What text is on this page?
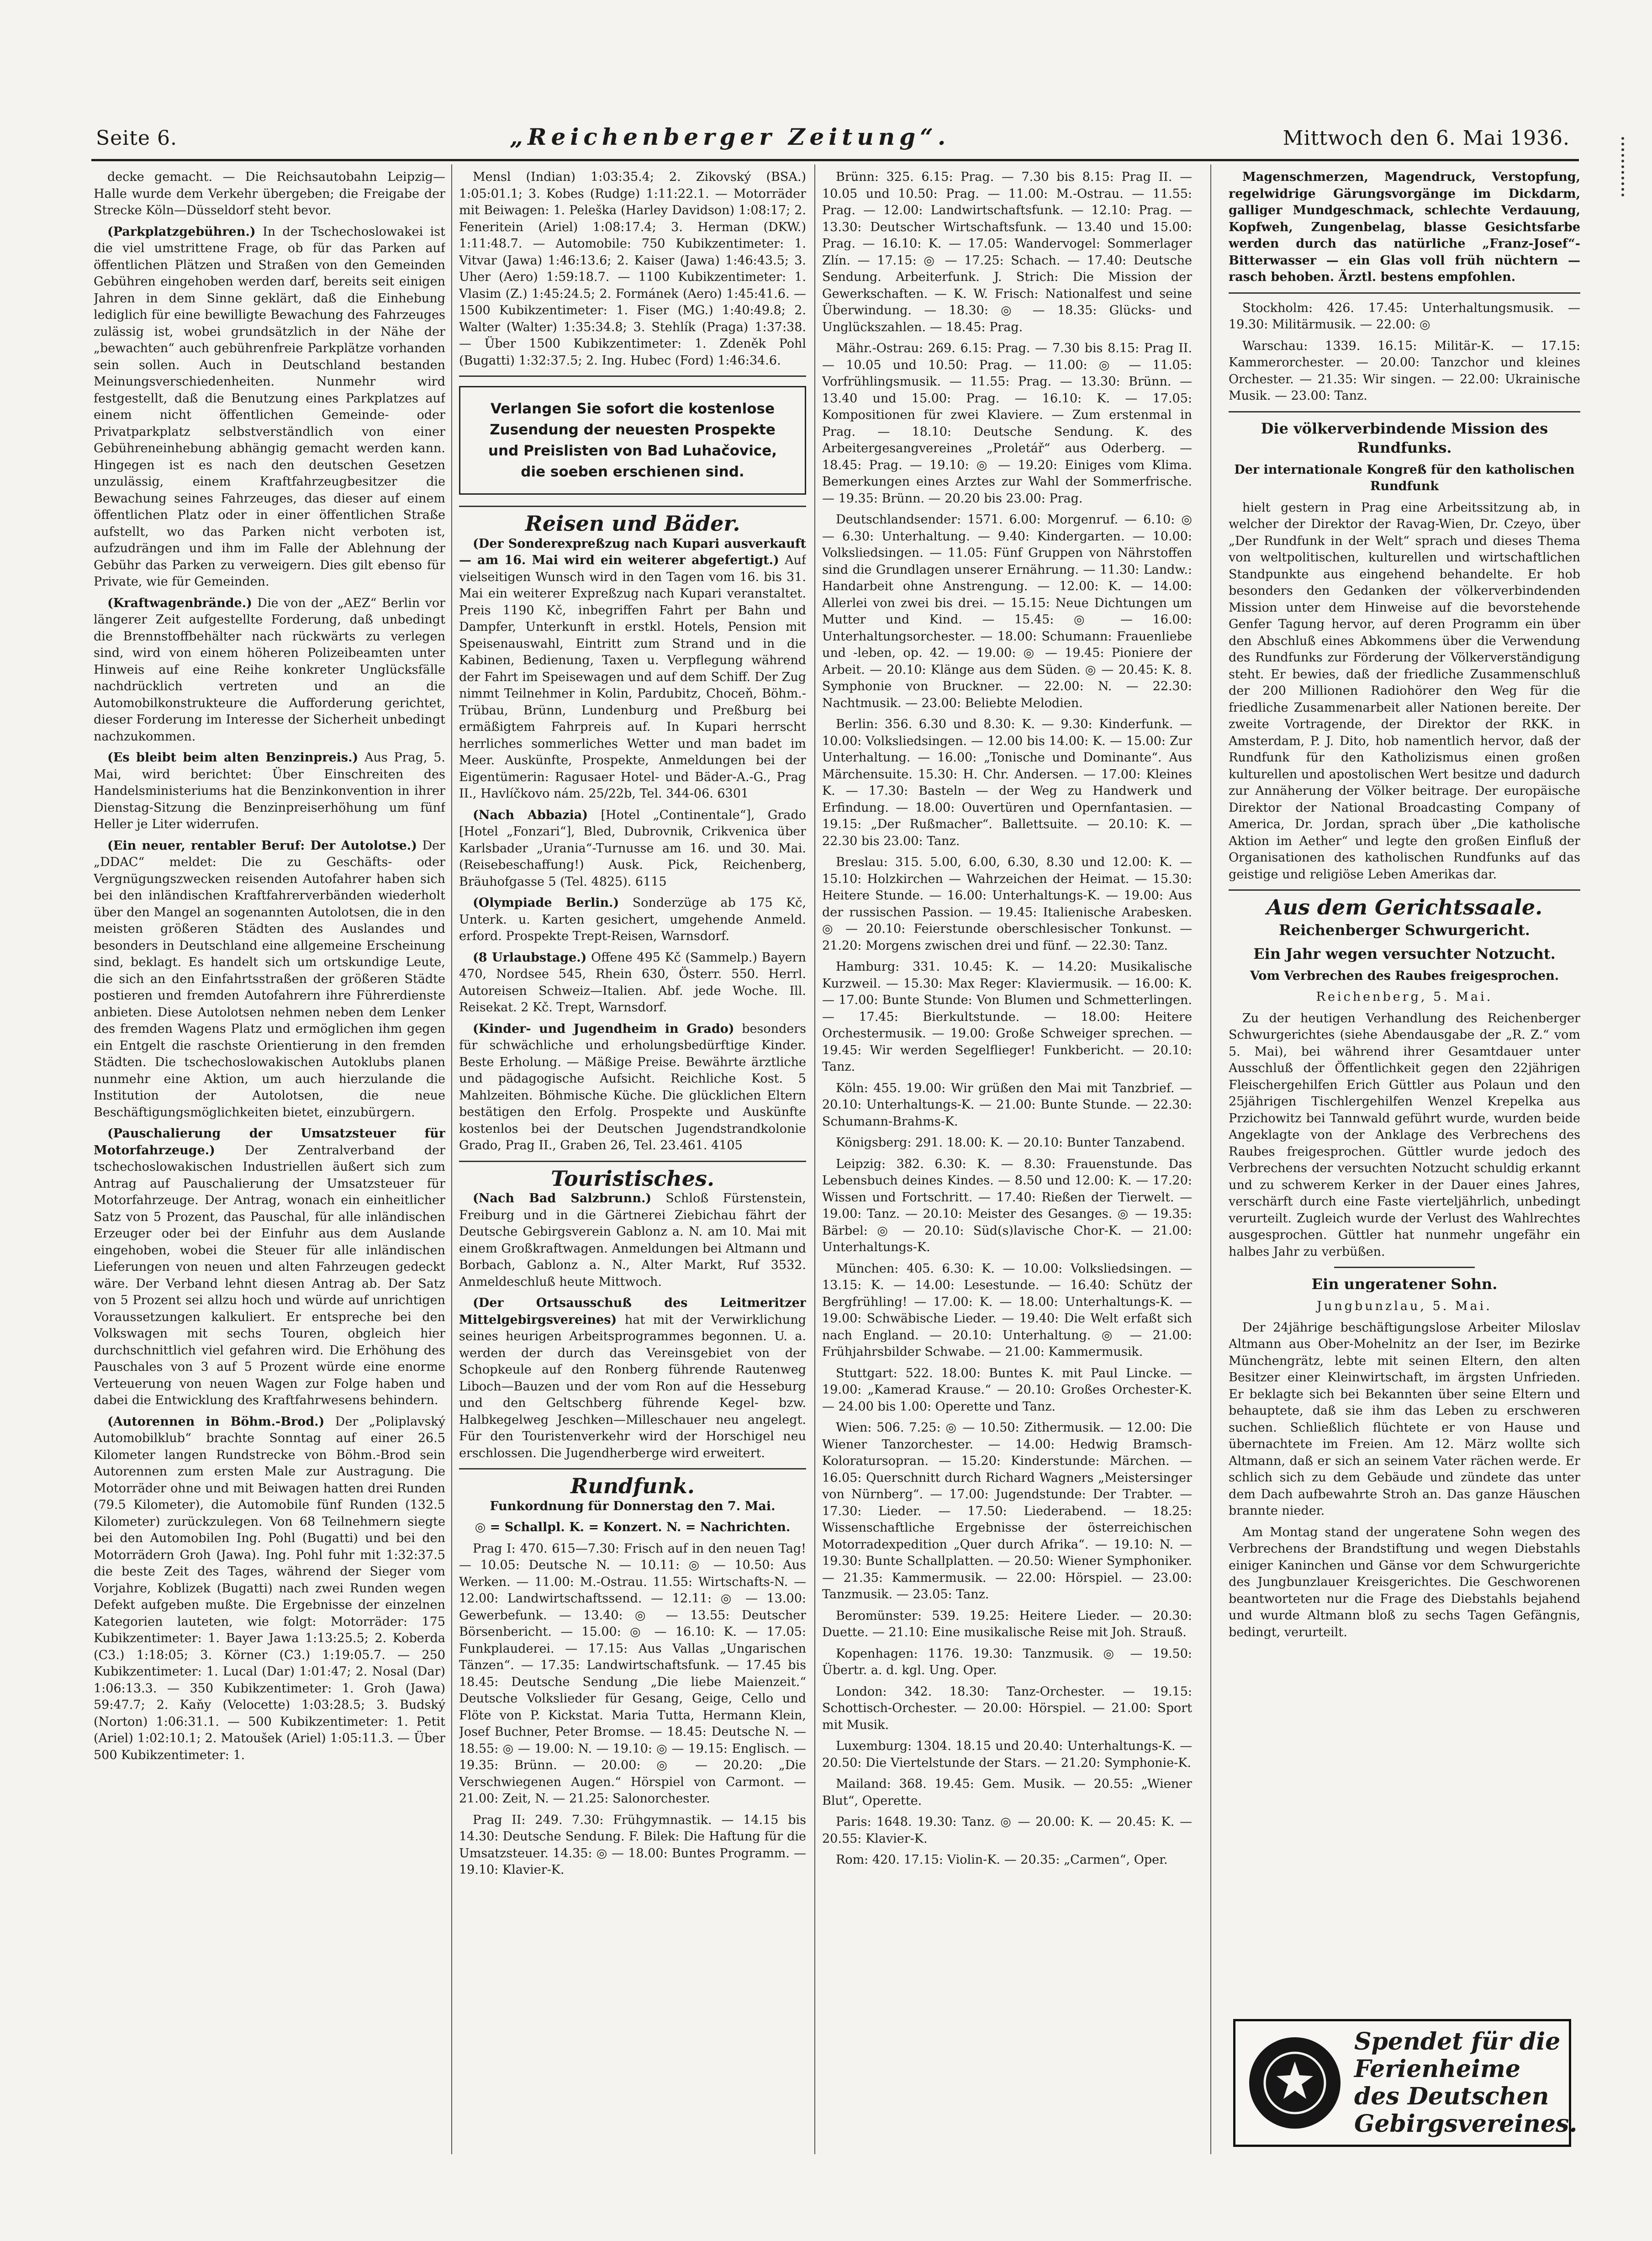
Seite 6.	„Reichenberger Zeitung“.	Mittwoch den 6. Mai 1936.

decke gemacht. — Die Reichsautobahn Leipzig—Halle wurde dem Verkehr übergeben; die Freigabe der Strecke Köln—Düsseldorf steht bevor.

(Parkplatzgebühren.) In der Tschechoslowakei ist die viel umstrittene Frage, ob für das Parken auf öffentlichen Plätzen und Straßen von den Gemeinden Gebühren eingehoben werden darf, bereits seit einigen Jahren in dem Sinne geklärt, daß die Einhebung lediglich für eine bewilligte Bewachung des Fahrzeuges zulässig ist, wobei grundsätzlich in der Nähe der „bewachten“ auch gebührenfreie Parkplätze vorhanden sein sollen. Auch in Deutschland bestanden Meinungsverschiedenheiten. Nunmehr wird festgestellt, daß die Benutzung eines Parkplatzes auf einem nicht öffentlichen Gemeinde- oder Privatparkplatz selbstverständlich von einer Gebühreneinhebung abhängig gemacht werden kann. Hingegen ist es nach den deutschen Gesetzen unzulässig, einem Kraftfahrzeugbesitzer die Bewachung seines Fahrzeuges, das dieser auf einem öffentlichen Platz oder in einer öffentlichen Straße aufstellt, wo das Parken nicht verboten ist, aufzudrängen und ihm im Falle der Ablehnung der Gebühr das Parken zu verweigern. Dies gilt ebenso für Private, wie für Gemeinden.

(Kraftwagenbrände.) Die von der „AEZ“ Berlin vor längerer Zeit aufgestellte Forderung, daß unbedingt die Brennstoffbehälter nach rückwärts zu verlegen sind, wird von einem höheren Polizeibeamten unter Hinweis auf eine Reihe konkreter Unglücksfälle nachdrücklich vertreten und an die Automobilkonstrukteure die Aufforderung gerichtet, dieser Forderung im Interesse der Sicherheit unbedingt nachzukommen.

(Es bleibt beim alten Benzinpreis.) Aus Prag, 5. Mai, wird berichtet: Über Einschreiten des Handelsministeriums hat die Benzinkonvention in ihrer Dienstag-Sitzung die Benzinpreiserhöhung um fünf Heller je Liter widerrufen.

(Ein neuer, rentabler Beruf: Der Autolotse.) Der „DDAC“ meldet: Die zu Geschäfts- oder Vergnügungszwecken reisenden Autofahrer haben sich bei den inländischen Kraftfahrerverbänden wiederholt über den Mangel an sogenannten Autolotsen, die in den meisten größeren Städten des Auslandes und besonders in Deutschland eine allgemeine Erscheinung sind, beklagt. Es handelt sich um ortskundige Leute, die sich an den Einfahrtsstraßen der größeren Städte postieren und fremden Autofahrern ihre Führerdienste anbieten. Diese Autolotsen nehmen neben dem Lenker des fremden Wagens Platz und ermöglichen ihm gegen ein Entgelt die raschste Orientierung in den fremden Städten. Die tschechoslowakischen Autoklubs planen nunmehr eine Aktion, um auch hierzulande die Institution der Autolotsen, die neue Beschäftigungsmöglichkeiten bietet, einzubürgern.

(Pauschalierung der Umsatzsteuer für Motorfahrzeuge.) Der Zentralverband der tschechoslowakischen Industriellen äußert sich zum Antrag auf Pauschalierung der Umsatzsteuer für Motorfahrzeuge. Der Antrag, wonach ein einheitlicher Satz von 5 Prozent, das Pauschal, für alle inländischen Erzeuger oder bei der Einfuhr aus dem Auslande eingehoben, wobei die Steuer für alle inländischen Lieferungen von neuen und alten Fahrzeugen gedeckt wäre. Der Verband lehnt diesen Antrag ab. Der Satz von 5 Prozent sei allzu hoch und würde auf unrichtigen Voraussetzungen kalkuliert. Er entspreche bei den Volkswagen mit sechs Touren, obgleich hier durchschnittlich viel gefahren wird. Die Erhöhung des Pauschales von 3 auf 5 Prozent würde eine enorme Verteuerung von neuen Wagen zur Folge haben und dabei die Entwicklung des Kraftfahrwesens behindern.

(Autorennen in Böhm.-Brod.) Der „Poliplavský Automobilklub“ brachte Sonntag auf einer 26.5 Kilometer langen Rundstrecke von Böhm.-Brod sein Autorennen zum ersten Male zur Austragung. Die Motorräder ohne und mit Beiwagen hatten drei Runden (79.5 Kilometer), die Automobile fünf Runden (132.5 Kilometer) zurückzulegen. Von 68 Teilnehmern siegte bei den Automobilen Ing. Pohl (Bugatti) und bei den Motorrädern Groh (Jawa). Ing. Pohl fuhr mit 1:32:37.5 die beste Zeit des Tages, während der Sieger vom Vorjahre, Koblizek (Bugatti) nach zwei Runden wegen Defekt aufgeben mußte. Die Ergebnisse der einzelnen Kategorien lauteten, wie folgt: Motorräder: 175 Kubikzentimeter: 1. Bayer Jawa 1:13:25.5; 2. Koberda (C3.) 1:18:05; 3. Körner (C3.) 1:19:05.7. — 250 Kubikzentimeter: 1. Lucal (Dar) 1:01:47; 2. Nosal (Dar) 1:06:13.3. — 350 Kubikzentimeter: 1. Groh (Jawa) 59:47.7; 2. Kaňy (Velocette) 1:03:28.5; 3. Budský (Norton) 1:06:31.1. — 500 Kubikzentimeter: 1. Petit (Ariel) 1:02:10.1; 2. Matoušek (Ariel) 1:05:11.3. — Über 500 Kubikzentimeter: 1.

Mensl (Indian) 1:03:35.4; 2. Zikovský (BSA.) 1:05:01.1; 3. Kobes (Rudge) 1:11:22.1. — Motorräder mit Beiwagen: 1. Peleška (Harley Davidson) 1:08:17; 2. Feneritein (Ariel) 1:08:17.4; 3. Herman (DKW.) 1:11:48.7. — Automobile: 750 Kubikzentimeter: 1. Vitvar (Jawa) 1:46:13.6; 2. Kaiser (Jawa) 1:46:43.5; 3. Uher (Aero) 1:59:18.7. — 1100 Kubikzentimeter: 1. Vlasim (Z.) 1:45:24.5; 2. Formánek (Aero) 1:45:41.6. — 1500 Kubikzentimeter: 1. Fiser (MG.) 1:40:49.8; 2. Walter (Walter) 1:35:34.8; 3. Stehlík (Praga) 1:37:38. — Über 1500 Kubikzentimeter: 1. Zdeněk Pohl (Bugatti) 1:32:37.5; 2. Ing. Hubec (Ford) 1:46:34.6.

Verlangen Sie sofort die kostenlose Zusendung der neuesten Prospekte und Preislisten von Bad Luhačovice, die soeben erschienen sind.
Reisen und Bäder.

(Der Sonderexpreßzug nach Kupari ausverkauft — am 16. Mai wird ein weiterer abgefertigt.) Auf vielseitigen Wunsch wird in den Tagen vom 16. bis 31. Mai ein weiterer Expreßzug nach Kupari veranstaltet. Preis 1190 Kč, inbegriffen Fahrt per Bahn und Dampfer, Unterkunft in erstkl. Hotels, Pension mit Speisenauswahl, Eintritt zum Strand und in die Kabinen, Bedienung, Taxen u. Verpflegung während der Fahrt im Speisewagen und auf dem Schiff. Der Zug nimmt Teilnehmer in Kolin, Pardubitz, Choceň, Böhm.-Trübau, Brünn, Lundenburg und Preßburg bei ermäßigtem Fahrpreis auf. In Kupari herrscht herrliches sommerliches Wetter und man badet im Meer. Auskünfte, Prospekte, Anmeldungen bei der Eigentümerin: Ragusaer Hotel- und Bäder-A.-G., Prag II., Havlíčkovo nám. 25/22b, Tel. 344-06. 6301

(Nach Abbazia) [Hotel „Continentale“], Grado [Hotel „Fonzari“], Bled, Dubrovnik, Crikvenica über Karlsbader „Urania“-Turnusse am 16. und 30. Mai. (Reisebeschaffung!) Ausk. Pick, Reichenberg, Bräuhofgasse 5 (Tel. 4825). 6115

(Olympiade Berlin.) Sonderzüge ab 175 Kč, Unterk. u. Karten gesichert, umgehende Anmeld. erford. Prospekte Trept-Reisen, Warnsdorf.

(8 Urlaubstage.) Offene 495 Kč (Sammelp.) Bayern 470, Nordsee 545, Rhein 630, Österr. 550. Herrl. Autoreisen Schweiz—Italien. Abf. jede Woche. Ill. Reisekat. 2 Kč. Trept, Warnsdorf.

(Kinder- und Jugendheim in Grado) besonders für schwächliche und erholungsbedürftige Kinder. Beste Erholung. — Mäßige Preise. Bewährte ärztliche und pädagogische Aufsicht. Reichliche Kost. 5 Mahlzeiten. Böhmische Küche. Die glücklichen Eltern bestätigen den Erfolg. Prospekte und Auskünfte kostenlos bei der Deutschen Jugendstrandkolonie Grado, Prag II., Graben 26, Tel. 23.461. 4105

Touristisches.

(Nach Bad Salzbrunn.) Schloß Fürstenstein, Freiburg und in die Gärtnerei Ziebichau fährt der Deutsche Gebirgsverein Gablonz a. N. am 10. Mai mit einem Großkraftwagen. Anmeldungen bei Altmann und Borbach, Gablonz a. N., Alter Markt, Ruf 3532. Anmeldeschluß heute Mittwoch.

(Der Ortsausschuß des Leitmeritzer Mittelgebirgsvereines) hat mit der Verwirklichung seines heurigen Arbeitsprogrammes begonnen. U. a. werden der durch das Vereinsgebiet von der Schopkeule auf den Ronberg führende Rautenweg Liboch—Bauzen und der vom Ron auf die Hesseburg und den Geltschberg führende Kegel- bzw. Halbkegelweg Jeschken—Milleschauer neu angelegt. Für den Touristenverkehr wird der Horschigel neu erschlossen. Die Jugendherberge wird erweitert.

Rundfunk.

Funkordnung für Donnerstag den 7. Mai.

◎ = Schallpl. K. = Konzert. N. = Nachrichten.

Prag I: 470. 615—7.30: Frisch auf in den neuen Tag! — 10.05: Deutsche N. — 10.11: ◎ — 10.50: Aus Werken. — 11.00: M.-Ostrau. 11.55: Wirtschafts-N. — 12.00: Landwirtschaftssend. — 12.11: ◎ — 13.00: Gewerbefunk. — 13.40: ◎ — 13.55: Deutscher Börsenbericht. — 15.00: ◎ — 16.10: K. — 17.05: Funkplauderei. — 17.15: Aus Vallas „Ungarischen Tänzen“. — 17.35: Landwirtschaftsfunk. — 17.45 bis 18.45: Deutsche Sendung „Die liebe Maienzeit.“ Deutsche Volkslieder für Gesang, Geige, Cello und Flöte von P. Kickstat. Maria Tutta, Hermann Klein, Josef Buchner, Peter Bromse. — 18.45: Deutsche N. — 18.55: ◎ — 19.00: N. — 19.10: ◎ — 19.15: Englisch. — 19.35: Brünn. — 20.00: ◎ — 20.20: „Die Verschwiegenen Augen.“ Hörspiel von Carmont. — 21.00: Zeit, N. — 21.25: Salonorchester.

Prag II: 249. 7.30: Frühgymnastik. — 14.15 bis 14.30: Deutsche Sendung. F. Bilek: Die Haftung für die Umsatzsteuer. 14.35: ◎ — 18.00: Buntes Programm. — 19.10: Klavier-K.

Brünn: 325. 6.15: Prag. — 7.30 bis 8.15: Prag II. — 10.05 und 10.50: Prag. — 11.00: M.-Ostrau. — 11.55: Prag. — 12.00: Landwirtschaftsfunk. — 12.10: Prag. — 13.30: Deutscher Wirtschaftsfunk. — 13.40 und 15.00: Prag. — 16.10: K. — 17.05: Wandervogel: Sommerlager Zlín. — 17.15: ◎ — 17.25: Schach. — 17.40: Deutsche Sendung. Arbeiterfunk. J. Strich: Die Mission der Gewerkschaften. — K. W. Frisch: Nationalfest und seine Überwindung. — 18.30: ◎ — 18.35: Glücks- und Unglückszahlen. — 18.45: Prag.

Mähr.-Ostrau: 269. 6.15: Prag. — 7.30 bis 8.15: Prag II. — 10.05 und 10.50: Prag. — 11.00: ◎ — 11.05: Vorfrühlingsmusik. — 11.55: Prag. — 13.30: Brünn. — 13.40 und 15.00: Prag. — 16.10: K. — 17.05: Kompositionen für zwei Klaviere. — Zum erstenmal in Prag. — 18.10: Deutsche Sendung. K. des Arbeitergesangvereines „Proletář“ aus Oderberg. — 18.45: Prag. — 19.10: ◎ — 19.20: Einiges vom Klima. Bemerkungen eines Arztes zur Wahl der Sommerfrische. — 19.35: Brünn. — 20.20 bis 23.00: Prag.

Deutschlandsender: 1571. 6.00: Morgenruf. — 6.10: ◎ — 6.30: Unterhaltung. — 9.40: Kindergarten. — 10.00: Volksliedsingen. — 11.05: Fünf Gruppen von Nährstoffen sind die Grundlagen unserer Ernährung. — 11.30: Landw.: Handarbeit ohne Anstrengung. — 12.00: K. — 14.00: Allerlei von zwei bis drei. — 15.15: Neue Dichtungen um Mutter und Kind. — 15.45: ◎ — 16.00: Unterhaltungsorchester. — 18.00: Schumann: Frauenliebe und -leben, op. 42. — 19.00: ◎ — 19.45: Pioniere der Arbeit. — 20.10: Klänge aus dem Süden. ◎ — 20.45: K. 8. Symphonie von Bruckner. — 22.00: N. — 22.30: Nachtmusik. — 23.00: Beliebte Melodien.

Berlin: 356. 6.30 und 8.30: K. — 9.30: Kinderfunk. — 10.00: Volksliedsingen. — 12.00 bis 14.00: K. — 15.00: Zur Unterhaltung. — 16.00: „Tonische und Dominante“. Aus Märchensuite. 15.30: H. Chr. Andersen. — 17.00: Kleines K. — 17.30: Basteln — der Weg zu Handwerk und Erfindung. — 18.00: Ouvertüren und Opernfantasien. — 19.15: „Der Rußmacher“. Ballettsuite. — 20.10: K. — 22.30 bis 23.00: Tanz.

Breslau: 315. 5.00, 6.00, 6.30, 8.30 und 12.00: K. — 15.10: Holzkirchen — Wahrzeichen der Heimat. — 15.30: Heitere Stunde. — 16.00: Unterhaltungs-K. — 19.00: Aus der russischen Passion. — 19.45: Italienische Arabesken. ◎ — 20.10: Feierstunde oberschlesischer Tonkunst. — 21.20: Morgens zwischen drei und fünf. — 22.30: Tanz.

Hamburg: 331. 10.45: K. — 14.20: Musikalische Kurzweil. — 15.30: Max Reger: Klaviermusik. — 16.00: K. — 17.00: Bunte Stunde: Von Blumen und Schmetterlingen. — 17.45: Bierkultstunde. — 18.00: Heitere Orchestermusik. — 19.00: Große Schweiger sprechen. — 19.45: Wir werden Segelflieger! Funkbericht. — 20.10: Tanz.

Köln: 455. 19.00: Wir grüßen den Mai mit Tanzbrief. — 20.10: Unterhaltungs-K. — 21.00: Bunte Stunde. — 22.30: Schumann-Brahms-K.

Königsberg: 291. 18.00: K. — 20.10: Bunter Tanzabend.

Leipzig: 382. 6.30: K. — 8.30: Frauenstunde. Das Lebensbuch deines Kindes. — 8.50 und 12.00: K. — 17.20: Wissen und Fortschritt. — 17.40: Rießen der Tierwelt. — 19.00: Tanz. — 20.10: Meister des Gesanges. ◎ — 19.35: Bärbel: ◎ — 20.10: Süd(s)lavische Chor-K. — 21.00: Unterhaltungs-K.

München: 405. 6.30: K. — 10.00: Volksliedsingen. — 13.15: K. — 14.00: Lesestunde. — 16.40: Schütz der Bergfrühling! — 17.00: K. — 18.00: Unterhaltungs-K. — 19.00: Schwäbische Lieder. — 19.40: Die Welt erfaßt sich nach England. — 20.10: Unterhaltung. ◎ — 21.00: Frühjahrsbilder Schwabe. — 21.00: Kammermusik.

Stuttgart: 522. 18.00: Buntes K. mit Paul Lincke. — 19.00: „Kamerad Krause.“ — 20.10: Großes Orchester-K. — 24.00 bis 1.00: Operette und Tanz.

Wien: 506. 7.25: ◎ — 10.50: Zithermusik. — 12.00: Die Wiener Tanzorchester. — 14.00: Hedwig Bramsch-Koloratursopran. — 15.20: Kinderstunde: Märchen. — 16.05: Querschnitt durch Richard Wagners „Meistersinger von Nürnberg“. — 17.00: Jugendstunde: Der Trabter. — 17.30: Lieder. — 17.50: Liederabend. — 18.25: Wissenschaftliche Ergebnisse der österreichischen Motorradexpedition „Quer durch Afrika“. — 19.10: N. — 19.30: Bunte Schallplatten. — 20.50: Wiener Symphoniker. — 21.35: Kammermusik. — 22.00: Hörspiel. — 23.00: Tanzmusik. — 23.05: Tanz.

Beromünster: 539. 19.25: Heitere Lieder. — 20.30: Duette. — 21.10: Eine musikalische Reise mit Joh. Strauß.

Kopenhagen: 1176. 19.30: Tanzmusik. ◎ — 19.50: Übertr. a. d. kgl. Ung. Oper.

London: 342. 18.30: Tanz-Orchester. — 19.15: Schottisch-Orchester. — 20.00: Hörspiel. — 21.00: Sport mit Musik.

Luxemburg: 1304. 18.15 und 20.40: Unterhaltungs-K. — 20.50: Die Viertelstunde der Stars. — 21.20: Symphonie-K.

Mailand: 368. 19.45: Gem. Musik. — 20.55: „Wiener Blut“, Operette.

Paris: 1648. 19.30: Tanz. ◎ — 20.00: K. — 20.45: K. — 20.55: Klavier-K.

Rom: 420. 17.15: Violin-K. — 20.35: „Carmen“, Oper.

Magenschmerzen, Magendruck, Verstopfung, regelwidrige Gärungsvorgänge im Dickdarm, galliger Mundgeschmack, schlechte Verdauung, Kopfweh, Zungenbelag, blasse Gesichtsfarbe werden durch das natürliche „Franz-Josef“-Bitterwasser — ein Glas voll früh nüchtern — rasch behoben. Ärztl. bestens empfohlen.

Stockholm: 426. 17.45: Unterhaltungsmusik. — 19.30: Militärmusik. — 22.00: ◎

Warschau: 1339. 16.15: Militär-K. — 17.15: Kammerorchester. — 20.00: Tanzchor und kleines Orchester. — 21.35: Wir singen. — 22.00: Ukrainische Musik. — 23.00: Tanz.

Die völkerverbindende Mission des Rundfunks.

Der internationale Kongreß für den katholischen Rundfunk

hielt gestern in Prag eine Arbeitssitzung ab, in welcher der Direktor der Ravag-Wien, Dr. Czeyo, über „Der Rundfunk in der Welt“ sprach und dieses Thema von weltpolitischen, kulturellen und wirtschaftlichen Standpunkte aus eingehend behandelte. Er hob besonders den Gedanken der völkerverbindenden Mission unter dem Hinweise auf die bevorstehende Genfer Tagung hervor, auf deren Programm ein über den Abschluß eines Abkommens über die Verwendung des Rundfunks zur Förderung der Völkerverständigung steht. Er bewies, daß der friedliche Zusammenschluß der 200 Millionen Radiohörer den Weg für die friedliche Zusammenarbeit aller Nationen bereite. Der zweite Vortragende, der Direktor der RKK. in Amsterdam, P. J. Dito, hob namentlich hervor, daß der Rundfunk für den Katholizismus einen großen kulturellen und apostolischen Wert besitze und dadurch zur Annäherung der Völker beitrage. Der europäische Direktor der National Broadcasting Company of America, Dr. Jordan, sprach über „Die katholische Aktion im Aether“ und legte den großen Einfluß der Organisationen des katholischen Rundfunks auf das geistige und religiöse Leben Amerikas dar.

Aus dem Gerichtssaale.
Reichenberger Schwurgericht.
Ein Jahr wegen versuchter Notzucht.

Vom Verbrechen des Raubes freigesprochen.

Reichenberg, 5. Mai.

Zu der heutigen Verhandlung des Reichenberger Schwurgerichtes (siehe Abendausgabe der „R. Z.“ vom 5. Mai), bei während ihrer Gesamtdauer unter Ausschluß der Öffentlichkeit gegen den 22jährigen Fleischergehilfen Erich Güttler aus Polaun und den 25jährigen Tischlergehilfen Wenzel Krepelka aus Przichowitz bei Tannwald geführt wurde, wurden beide Angeklagte von der Anklage des Verbrechens des Raubes freigesprochen. Güttler wurde jedoch des Verbrechens der versuchten Notzucht schuldig erkannt und zu schwerem Kerker in der Dauer eines Jahres, verschärft durch eine Faste vierteljährlich, unbedingt verurteilt. Zugleich wurde der Verlust des Wahlrechtes ausgesprochen. Güttler hat nunmehr ungefähr ein halbes Jahr zu verbüßen.

Ein ungeratener Sohn.

Jungbunzlau, 5. Mai.

Der 24jährige beschäftigungslose Arbeiter Miloslav Altmann aus Ober-Mohelnitz an der Iser, im Bezirke Münchengrätz, lebte mit seinen Eltern, den alten Besitzer einer Kleinwirtschaft, im ärgsten Unfrieden. Er beklagte sich bei Bekannten über seine Eltern und behauptete, daß sie ihm das Leben zu erschweren suchen. Schließlich flüchtete er von Hause und übernachtete im Freien. Am 12. März wollte sich Altmann, daß er sich an seinem Vater rächen werde. Er schlich sich zu dem Gebäude und zündete das unter dem Dach aufbewahrte Stroh an. Das ganze Häuschen brannte nieder.

Am Montag stand der ungeratene Sohn wegen des Verbrechens der Brandstiftung und wegen Diebstahls einiger Kaninchen und Gänse vor dem Schwurgerichte des Jungbunzlauer Kreisgerichtes. Die Geschworenen beantworteten nur die Frage des Diebstahls bejahend und wurde Altmann bloß zu sechs Tagen Gefängnis, bedingt, verurteilt.

Spendet für die
Ferienheime
des Deutschen
Gebirgsvereines.
